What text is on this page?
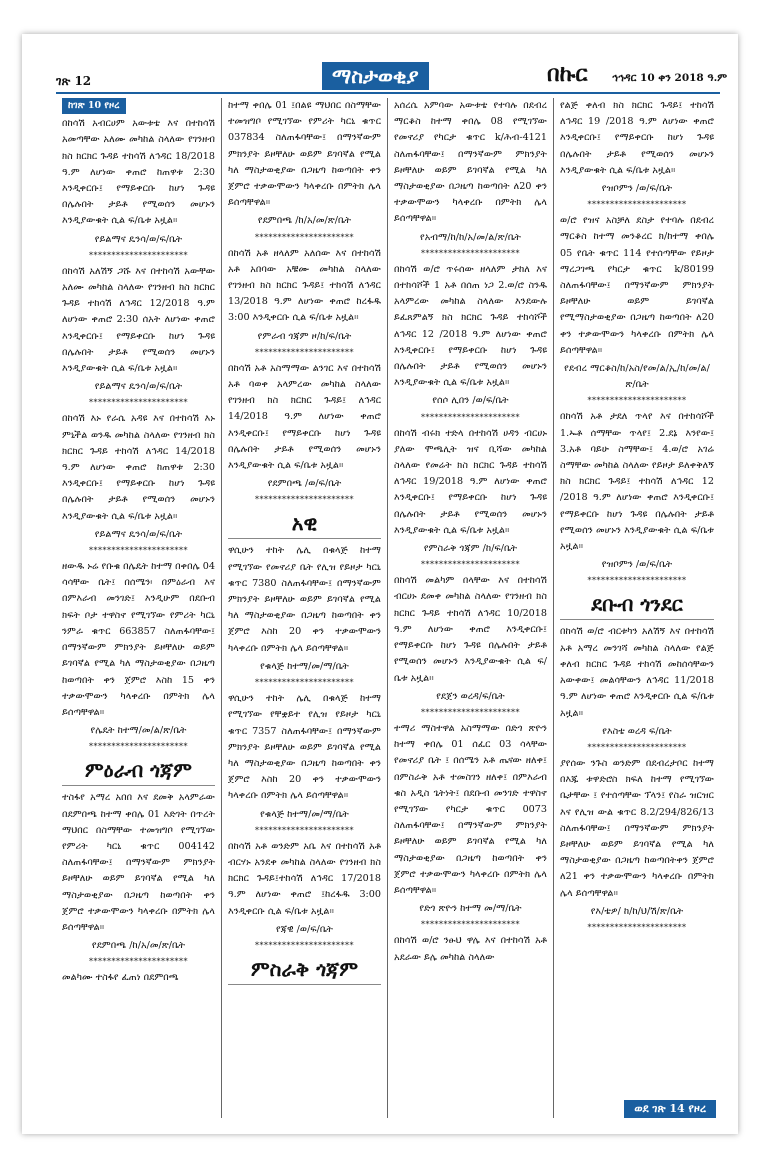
ገጽ 12	ማስታወቂያ	በኩር ኅኅዳር 10 ቀን 2018 ዓ.ም
ከገጽ 10 የዞረ

በከሳሽ አብርሀም አውቱቴ እና በተከሳሽ አመጣቸው አለሙ መካከል ስላለው የገንዘብ ክስ ክርክር ጉዳይ ተከሳሽ ለኅዳር 18/2018 ዓ.ም ለሆነው ቀጠሮ ከጠዋቱ 2:30 እንዲቀርቡ፤ የማይቀርቡ ከሆነ ጉዳዩ በሌሉበት ታይቶ የሚወሰን መሆኑን እንዲያውቁት ሲል ፍ/ቤቱ አዟል።

የይልማና ዴንሳ/ወ/ፍ/ቤት
**********************

በከሳሽ አለሽኝ ጋሹ እና በተከሳሽ አውቸው አለሙ መካከል ስላለው የገንዘብ ክስ ክርክር ጉዳይ ተከሳሽ ለኅዳር 12/2018 ዓ.ም ለሆነው ቀጠሮ 2:30 ሰአት ለሆነው ቀጠሮ እንዲቀርቡ፤ የማይቀርቡ ከሆነ ጉዳዩ በሌሉበት ታይቶ የሚወሰን መሆኑን እንዲያውቁት ሲል ፍ/ቤቱ አዟል።

የይልማና ዴንሳ/ወ/ፍ/ቤት
**********************

በከሳሽ እኑ የራሴ አዳዩ እና በተከሳሽ እኑ ምኒችል ወንዱ መካከል ስላለው የገንዘብ ክስ ክርክር ጉዳይ ተከሳሽ ለኅዳር 14/2018 ዓ.ም ለሆነው ቀጠሮ ከጠዋቱ 2:30 እንዲቀርቡ፤ የማይቀርቡ ከሆነ ጉዳዩ በሌሉበት ታይቶ የሚወሰን መሆኑን እንዲያውቁት ሲል ፍ/ቤቱ አዟል።

የይልማና ዴንሳ/ወ/ፍ/ቤት
**********************

ዘውዱ ኑሬ የቡቁ በሌዴት ከተማ በቀበሌ 04 ሳሳቸው ቤት፤ በሰሜን፡ በምዕራብ እና በምእራብ መንገድ፤ እንዲሁም በደቡብ ክፍት ቦታ ተዋስኖ የሚገኘው የምሪት ካርኒ ንምራ ቁጥር 663857 ስለጠፋባቸው፤ በማንኛውም ምክንያት ይዞቸለሁ ወይም ይገባኛል የሚል ካለ ማስታወቂያው በጋዜጣ ከወጣበት ቀን ጀምሮ እስከ 15 ቀን ተቃውሞውን ካላቀረቡ በምትክ ሌላ ይሰጣቸዋል።

የሌዴት ከተማ/መ/ል/ጽ/ቤት
**********************
ምዕራብ ጎጃም

ተስፋየ አማረ አበበ እና ደመቅ አላምራው በደምበጫ ከተማ ቀበሌ 01 እድገት በጥረት ማህበር በስማቸው ተመዝግቦ የሚገኘው የምሪት ካርኒ ቁጥር 004142 ስለጠፋባቸው፤ በማንኛውም ምክንያት ይዞቸለሁ ወይም ይገባኛል የሚል ካለ ማስታወቂያው በጋዜጣ ከወጣበት ቀን ጀምሮ ተቃውሞውን ካላቀረቡ በምትክ ሌላ ይሰጣቸዋል።

የደምበጫ /ከ/አ/መ/ጽ/ቤት
**********************

መልካሙ ተስፋየ ፈጠነ በደምበጫ

ከተማ ቀበሌ 01 ፤በልዩ ማህበር በስማቸው ተመዝግቦ የሚገኘው የምሪት ካርኒ ቁጥር 037834 ስለጠፋባቸው፤ በማንኛውም ምክንያት ይዞቸለሁ ወይም ይገባኛል የሚል ካለ ማስታወቂያው በጋዜጣ ከወጣበት ቀን ጀምሮ ተቃውሞውን ካላቀረቡ በምትክ ሌላ ይሰጣቸዋል።

የደምበጫ /ከ/አ/መ/ጽ/ቤት
**********************

በከሳሽ አቶ ዘላለም አለሰው እና በተከሳሽ አቶ አበባው አቹሙ መካከል ስላለው የገንዘብ ክስ ክርክር ጉዳይ፤ ተከሳሽ ለኅዳር 13/2018 ዓ.ም ለሆነው ቀጠሮ ከረፋዱ 3:00 እንዲቀርቡ ሲል ፍ/ቤቱ አዟል።

የምራብ ጎጃም ዞ/ከ/ፍ/ቤት
**********************

በከሳሽ አቶ አስማማው ልንገር እና በተከሳሽ አቶ ባወቀ አላምረው መካከል ስላለው የገንዘብ ክስ ክርክር ጉዳይ፤ ለኅዳር 14/2018 ዓ.ም ለሆነው ቀጠሮ እንዲቀርቡ፤ የማይቀርቡ ከሆነ ጉዳዩ በሌሉበት ታይቶ የሚወሰን መሆኑን እንዲያውቁት ሲል ፍ/ቤቱ አዟል።

የደምበጫ /ወ/ፍ/ቤት
**********************
አዊ

ዋሲሁን ተከት ሌሊ በቁላጅ ከተማ የሚገኘው የመኖሪያ ቤት የሊዝ የይዞታ ካርኒ ቁጥር 7380 ስለጠፋባቸው፤ በማንኛውም ምክንያት ይዞቸለሁ ወይም ይገባኛል የሚል ካለ ማስታወቂያው በጋዜጣ ከወጣበት ቀን ጀምሮ እስከ 20 ቀን ተቃውሞውን ካላቀረቡ በምትክ ሌላ ይሰጣቸዋል።

የቁላጅ ከተማ/መ/ማ/ቤት
**********************

ዋሲሁን ተከት ሌሊ በቁላጅ ከተማ የሚገኘው የቸቋይተ የሊዝ የይዞታ ካርኒ ቁጥር 7357 ስለጠፋባቸው፤ በማንኛውም ምክንያት ይዞቸለሁ ወይም ይገባኛል የሚል ካለ ማስታወቂያው በጋዜጣ ከወጣበት ቀን ጀምሮ እስከ 20 ቀን ተቃውሞውን ካላቀረቡ በምትክ ሌላ ይሰጣቸዋል።

የቁላጅ ከተማ/መ/ማ/ቤት
**********************

በከሳሽ አቶ ወንድም አቤ እና በተከሳሽ አቶ ብርሃኑ አንደቀ መካከል ስላለው የገንዘብ ክስ ክርክር ጉዳይ፤ተከሳሽ ለኅዳር 17/2018 ዓ.ም ለሆነው ቀጠሮ ፤ከረፋዱ 3:00 እንዲቀርቡ ሲል ፍ/ቤቱ አዟል።

የጃዊ /ወ/ፍ/ቤት
**********************
ምስራቅ ጎጃም

አሰረሴ አምባው አውቱቴ የተባሉ በደብረ ማርቆስ ከተማ ቀበሌ 08 የሚገኘው የመኖሪያ የካርታ ቁጥር k/ሕብ-4121 ስለጠፋባቸው፤ በማንኛውም ምክንያት ይዞቸለሁ ወይም ይገባኛል የሚል ካለ ማስታወቂያው በጋዜጣ ከወጣበት ለ20 ቀን ተቃውሞውን ካላቀረቡ በምትክ ሌላ ይሰጣቸዋል።

የአብማ/ከ/ከ/አ/መ/ል/ጽ/ቤት
**********************

በከሳሽ ወ/ሮ ጥሩሰው ዘላለም ታከለ እና በተከሳሾች 1 አቶ በሰጠ ነጋ 2.ወ/ሮ ስንዱ አላምረው መካከል ስላለው እንደውሉ ይፈጸምልኝ ክስ ክርክር ጉዳይ ተከሳሾች ለኅዳር 12 /2018 ዓ.ም ለሆነው ቀጠሮ እንዲቀርቡ፤ የማይቀርቡ ከሆነ ጉዳዩ በሌሉበት ታይቶ የሚወሰን መሆኑን እንዲያውቁት ሲል ፍ/ቤቱ አዟል።

የሰሶ ሊበን /ወ/ፍ/ቤት
**********************

በከሳሽ ብሩክ ተድላ በተከሳሽ ሀዳን ብርሀኑ ያለው ሞጫሊት ዝና ቢሻው መካከል ስላለው የመሬት ክስ ክርክር ጉዳይ ተከሳሽ ለኅዳር 19/2018 ዓ.ም ለሆነው ቀጠሮ እንዲቀርቡ፤ የማይቀርቡ ከሆነ ጉዳዩ በሌሉበት ታይቶ የሚወሰን መሆኑን እንዲያውቁት ሲል ፍ/ቤቱ አዟል።

የምስራቅ ጎጃም /ከ/ፍ/ቤት
**********************

በከሳሽ መልካም በላቸው እና በተከሳሽ ብርሀኑ ደመቀ መካከል ስላለው የገንዘብ ክስ ክርክር ጉዳይ ተከሳሽ ለኅዳር 10/2018 ዓ.ም ለሆነው ቀጠሮ እንዲቀርቡ፤ የማይቀርቡ ከሆነ ጉዳዩ በሌሉበት ታይቶ የሚወሰን መሆኑን እንዲያውቁት ሲል ፍ/ቤቱ አዟል።

የደጀን ወረዳ/ፍ/ቤት
**********************

ተማሪ ማስተዋል አስማማው በድጎ ጽዮን ከተማ ቀበሌ 01 ሰፈር 03 ሳላቸው የመኖሪያ ቤት ፤ በሰሜን አቶ ጤናው ዘለቀ፤ በምስራቅ አቶ ተመስገን ዘለቀ፤ በምእራብ ቁስ አዲስ ጌትነት፤ በደቡብ መንገድ ተዋስኖ የሚገኘው የካርታ ቁጥር 0073 ስለጠፋባቸው፤ በማንኛውም ምክንያት ይዞቸለሁ ወይም ይገባኛል የሚል ካለ ማስታወቂያው በጋዜጣ ከወጣበት ቀን ጀምሮ ተቃውሞውን ካላቀረቡ በምትክ ሌላ ይሰጣቸዋል።

የድጎ ጽዮን ከተማ መ/ማ/ቤት
**********************

በከሳሽ ወ/ሮ ንፁህ ዋሌ እና በተከሳሽ አቶ አደራው ይሌ መካከል ስላለው

የልጅ ቀለብ ክስ ክርክር ጉዳይ፤ ተከሳሽ ለኅዳር 19 /2018 ዓ.ም ለሆነው ቀጠሮ እንዲቀርቡ፤ የማይቀርቡ ከሆነ ጉዳዩ በሌሉበት ታይቶ የሚወሰን መሆኑን እንዲያውቁት ሲል ፍ/ቤቱ አዟል።

የዝቦምን /ወ/ፍ/ቤት
**********************

ወ/ሮ የዝና አስቻለ ደስታ የተባሉ በደብረ ማርቆስ ከተማ መንቆረር ክ/ከተማ ቀበሌ 05 የቤት ቁጥር 114 የተሰጣቸው የይዞታ ማረጋገጫ የካርታ ቁጥር k/80199 ስለጠፋባቸው፤ በማንኛውም ምክንያት ይዞቸለሁ ወይም ይገባኛል የሚማስታወቂያው በጋዜጣ ከወጣበት ለ20 ቀን ተቃውሞውን ካላቀረቡ በምትክ ሌላ ይሰጣቸዋል።

የደብረ ማርቆስ/ከ/አስ/የመ/ል/ኢ/ከ/መ/ል/ጽ/ቤት
**********************

በከሳሽ አቶ ታደለ ጥላየ እና በተከሳሾች 1.ኡቶ ሰማቸው ጥላየ፤ 2.ደኔ እንየው፤ 3.አቶ ባይሁ ስማቸው፤ 4.ወ/ሮ አገሬ ስማቸው መካከል ስላለው የይዞታ ይለቀቅለኝ ክስ ክርክር ጉዳይ፤ ተከሳሽ ለኅዳር 12 /2018 ዓ.ም ለሆነው ቀጠሮ እንዲቀርቡ፤ የማይቀርቡ ከሆነ ጉዳዩ በሌሉበት ታይቶ የሚወሰን መሆኑን እንዲያውቁት ሲል ፍ/ቤቱ አዟል።

የዝቦምን /ወ/ፍ/ቤት
**********************
ደቡብ ጎንደር

በከሳሽ ወ/ሮ ብርቱካን አለሽኝ እና በተከሳሽ አቶ አማረ መንገሻ መካከል ስላለው የልጅ ቀለብ ክርክር ጉዳይ ተከሳሽ መከሰሳቸውን አውቀው፤ መልሳቸውን ለኅዳር 11/2018 ዓ.ም ለሆነው ቀጠሮ እንዲቀርቡ ሲል ፍ/ቤቱ አዟል።

የእስቴ ወረዳ ፍ/ቤት
**********************

ያየሰው ንጉስ ወንድም በደብረታቦር ከተማ በእጁ ቱዋድሮስ ክፍለ ከተማ የሚገኘው ቤታቸው ፤ የተሰጣቸው ፕላን፤ የስራ ዝርዝር እና የሊዝ ውል ቁጥር 8.2/294/826/13 ስለጠፋባቸው፤ በማንኛውም ምክንያት ይዞቸለሁ ወይም ይገባኛል የሚል ካለ ማስታወቂያው በጋዜጣ ከወጣበትቀን ጀምሮ ለ21 ቀን ተቃውሞውን ካላቀረቡ በምትክ ሌላ ይሰጣቸዋል።

የእ/ቴዎ/ ከ/ከ/ህ/ሽ/ጽ/ቤት
**********************
ወደ ገጽ 14 የዞረ
